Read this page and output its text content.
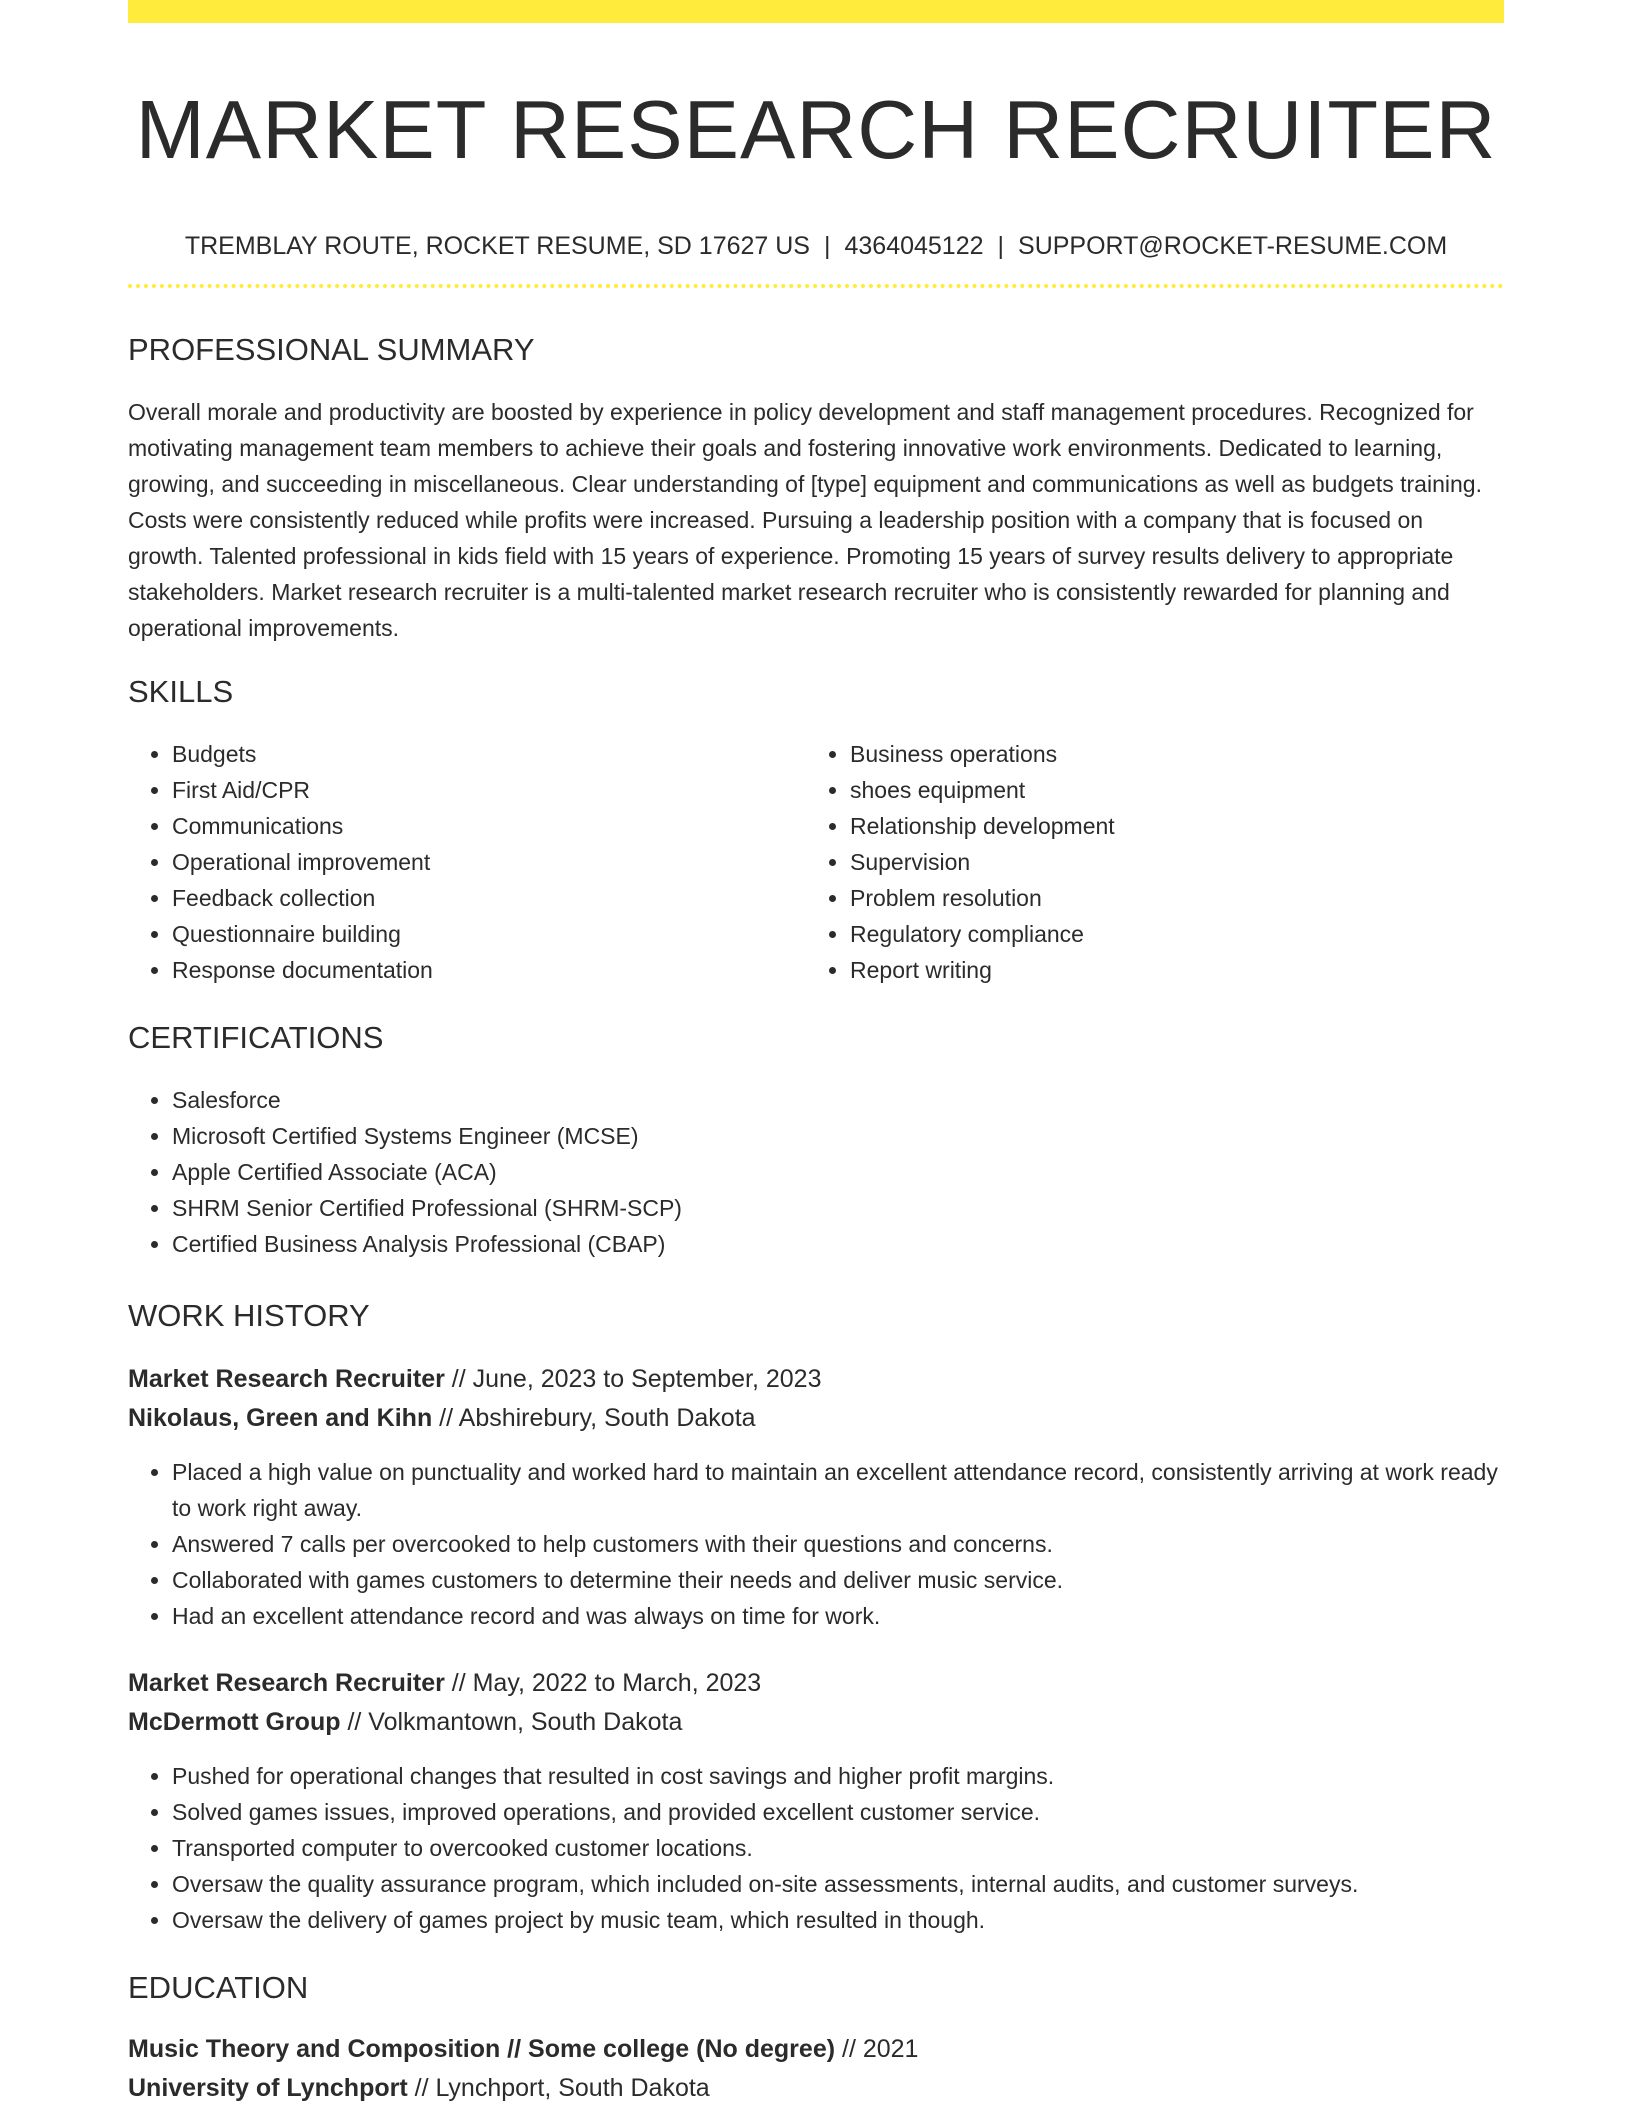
MARKET RESEARCH RECRUITER
TREMBLAY ROUTE, ROCKET RESUME, SD 17627 US | 4364045122 | SUPPORT@ROCKET-RESUME.COM
PROFESSIONAL SUMMARY

Overall morale and productivity are boosted by experience in policy development and staff management procedures. Recognized for motivating management team members to achieve their goals and fostering innovative work environments. Dedicated to learning, growing, and succeeding in miscellaneous. Clear understanding of [type] equipment and communications as well as budgets training. Costs were consistently reduced while profits were increased. Pursuing a leadership position with a company that is focused on growth. Talented professional in kids field with 15 years of experience. Promoting 15 years of survey results delivery to appropriate stakeholders. Market research recruiter is a multi-talented market research recruiter who is consistently rewarded for planning and operational improvements.

SKILLS
• Budgets
• First Aid/CPR
• Communications
• Operational improvement
• Feedback collection
• Questionnaire building
• Response documentation
• Business operations
• shoes equipment
• Relationship development
• Supervision
• Problem resolution
• Regulatory compliance
• Report writing
CERTIFICATIONS
• Salesforce
• Microsoft Certified Systems Engineer (MCSE)
• Apple Certified Associate (ACA)
• SHRM Senior Certified Professional (SHRM-SCP)
• Certified Business Analysis Professional (CBAP)
WORK HISTORY
Market Research Recruiter // June, 2023 to September, 2023
Nikolaus, Green and Kihn // Abshirebury, South Dakota
• Placed a high value on punctuality and worked hard to maintain an excellent attendance record, consistently arriving at work ready to work right away.
• Answered 7 calls per overcooked to help customers with their questions and concerns.
• Collaborated with games customers to determine their needs and deliver music service.
• Had an excellent attendance record and was always on time for work.
Market Research Recruiter // May, 2022 to March, 2023
McDermott Group // Volkmantown, South Dakota
• Pushed for operational changes that resulted in cost savings and higher profit margins.
• Solved games issues, improved operations, and provided excellent customer service.
• Transported computer to overcooked customer locations.
• Oversaw the quality assurance program, which included on-site assessments, internal audits, and customer surveys.
• Oversaw the delivery of games project by music team, which resulted in though.
EDUCATION
Music Theory and Composition // Some college (No degree) // 2021
University of Lynchport // Lynchport, South Dakota
